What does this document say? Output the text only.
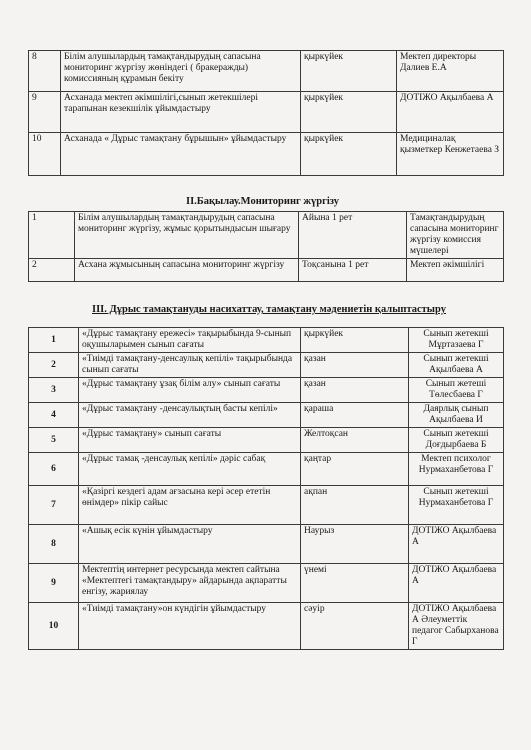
8	Білім алушылардың тамақтандырудың сапасына мониторинг жүргізу жөніндегі ( бракеражды) комиссияның құрамын бекіту	қыркүйек	Мектеп директоры Далиев Е.А
9	Асханада мектеп әкімшілігі,сынып жетекшілері тарапынан кезекшілік ұйымдастыру	қыркүйек	ДОТІЖО Ақылбаева А
10	Асханада « Дұрыс тамақтану бұрышын» ұйымдастыру	қыркүйек	Медициналақ қызметкер Кенжетаева З
ІІ.Бақылау.Мониторинг жүргізу
1	Білім алушылардың тамақтандырудың сапасына мониторинг жүргізу, жұмыс қорытындысын шығару	Айына 1 рет	Тамақтандырудың сапасына мониторинг жүргізу комиссия мүшелері
2	Асхана жұмысының сапасына мониторинг жүргізу	Тоқсанына 1 рет	Мектеп әкімшілігі
ІІІ. Дұрыс тамақтануды насихаттау, тамақтану мәдениетін қалыптастыру
1	«Дұрыс тамақтану ережесі» тақырыбында 9-сынып оқушыларымен сынып сағаты	қыркүйек	Сынып жетекші Мұртазаева Г
2	«Тиімді тамақтану-денсаулық кепілі» тақырыбында сынып сағаты	қазан	Сынып жетекші Ақылбаева А
3	«Дұрыс тамақтану ұзақ білім алу» сынып сағаты	қазан	Сынып жетеші Төлесбаева Г
4	«Дұрыс тамақтану -денсаулықтың басты кепілі»	қараша	Даярлық сынып Ақылбаева И
5	«Дұрыс тамақтану» сынып сағаты	Желтоқсан	Сынып жетекші Доғдырбаева Б
6	«Дұрыс тамақ -денсаулық кепілі» дәріс сабақ	қаңтар	Мектеп психолог Нурмаханбетова Г
7	«Қазіргі кездегі адам ағзасына кері әсер ететін өнімдер» пікір сайыс	ақпан	Сынып жетекші Нурмаханбетова Г
8	«Ашық есік күнін ұйымдастыру	Наурыз	ДОТІЖО Ақылбаева А
9	Мектептің интернет ресурсында мектеп сайтына «Мектептегі тамақтандыру» айдарында ақпаратты енгізу, жариялау	үнемі	ДОТІЖО Ақылбаева А
10	«Тиімді тамақтану»он күндігін ұйымдастыру	сәуір	ДОТІЖО Ақылбаева А Әлеуметтік педагог Сабырханова Г
